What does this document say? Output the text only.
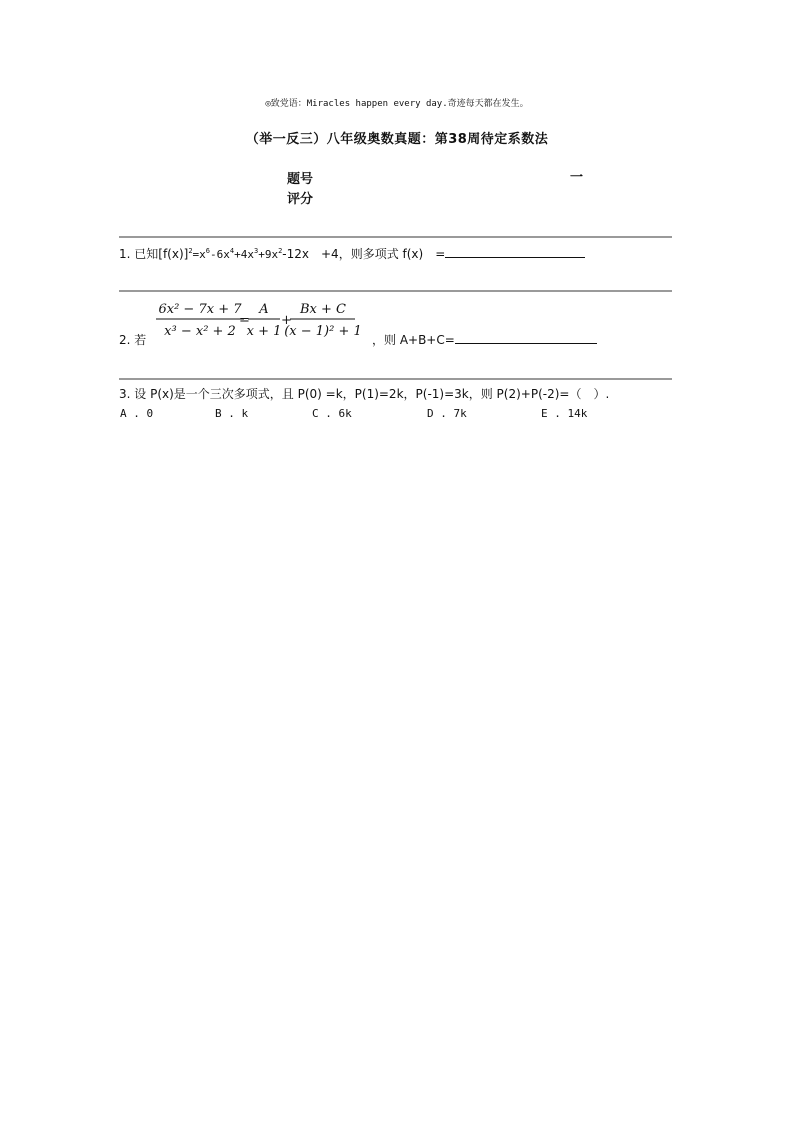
◎致党语：Miracles happen every day.奇迹每天都在发生。
（举一反三）八年级奥数真题：第38周待定系数法
题号	一
评分
1. 已知$[f(x)]^2=x^6-6x^4+4x^3+9x^2-12x$　+4，则多项式 f(x)　=
2. 若
6x² − 7x + 7
x³ − x² + 2
=
A
x + 1
+
Bx + C
(x − 1)² + 1
，则 A+B+C=
3. 设 P(x)是一个三次多项式，且 P(0) =k，P(1)=2k，P(-1)=3k，则 P(2)+P(-2)=（　）.
A . 0	B . k	C . 6k	D . 7k	E . 14k
